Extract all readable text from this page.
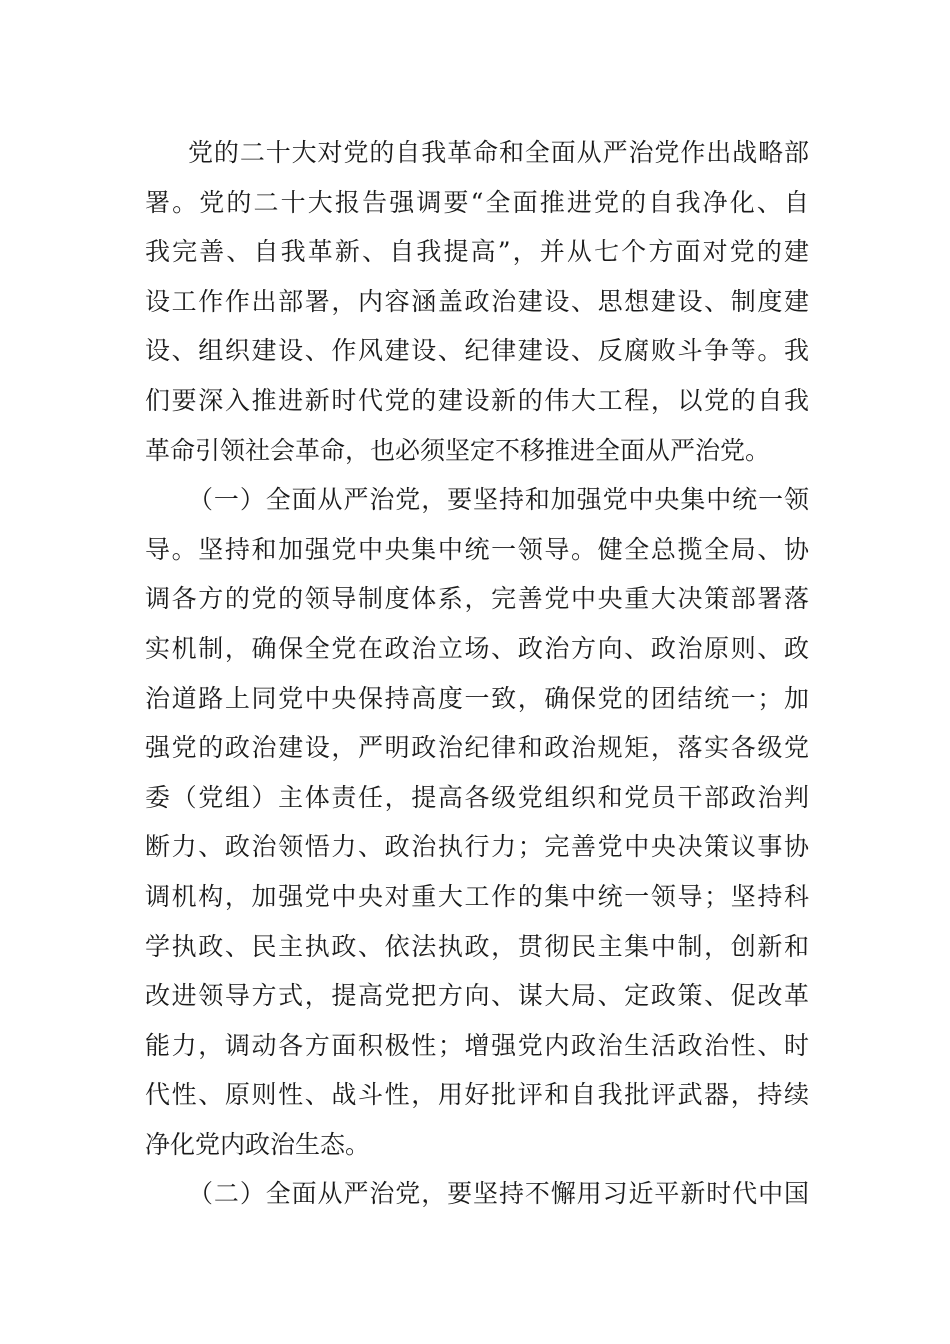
党的二十大对党的自我革命和全面从严治党作出战略部
署。党的二十大报告强调要“全面推进党的自我净化、自
我完善、自我革新、自我提高”，并从七个方面对党的建
设工作作出部署，内容涵盖政治建设、思想建设、制度建
设、组织建设、作风建设、纪律建设、反腐败斗争等。我
们要深入推进新时代党的建设新的伟大工程，以党的自我
革命引领社会革命，也必须坚定不移推进全面从严治党。
（一）全面从严治党，要坚持和加强党中央集中统一领
导。坚持和加强党中央集中统一领导。健全总揽全局、协
调各方的党的领导制度体系，完善党中央重大决策部署落
实机制，确保全党在政治立场、政治方向、政治原则、政
治道路上同党中央保持高度一致，确保党的团结统一；加
强党的政治建设，严明政治纪律和政治规矩，落实各级党
委（党组）主体责任，提高各级党组织和党员干部政治判
断力、政治领悟力、政治执行力；完善党中央决策议事协
调机构，加强党中央对重大工作的集中统一领导；坚持科
学执政、民主执政、依法执政，贯彻民主集中制，创新和
改进领导方式，提高党把方向、谋大局、定政策、促改革
能力，调动各方面积极性；增强党内政治生活政治性、时
代性、原则性、战斗性，用好批评和自我批评武器，持续
净化党内政治生态。
（二）全面从严治党，要坚持不懈用习近平新时代中国
